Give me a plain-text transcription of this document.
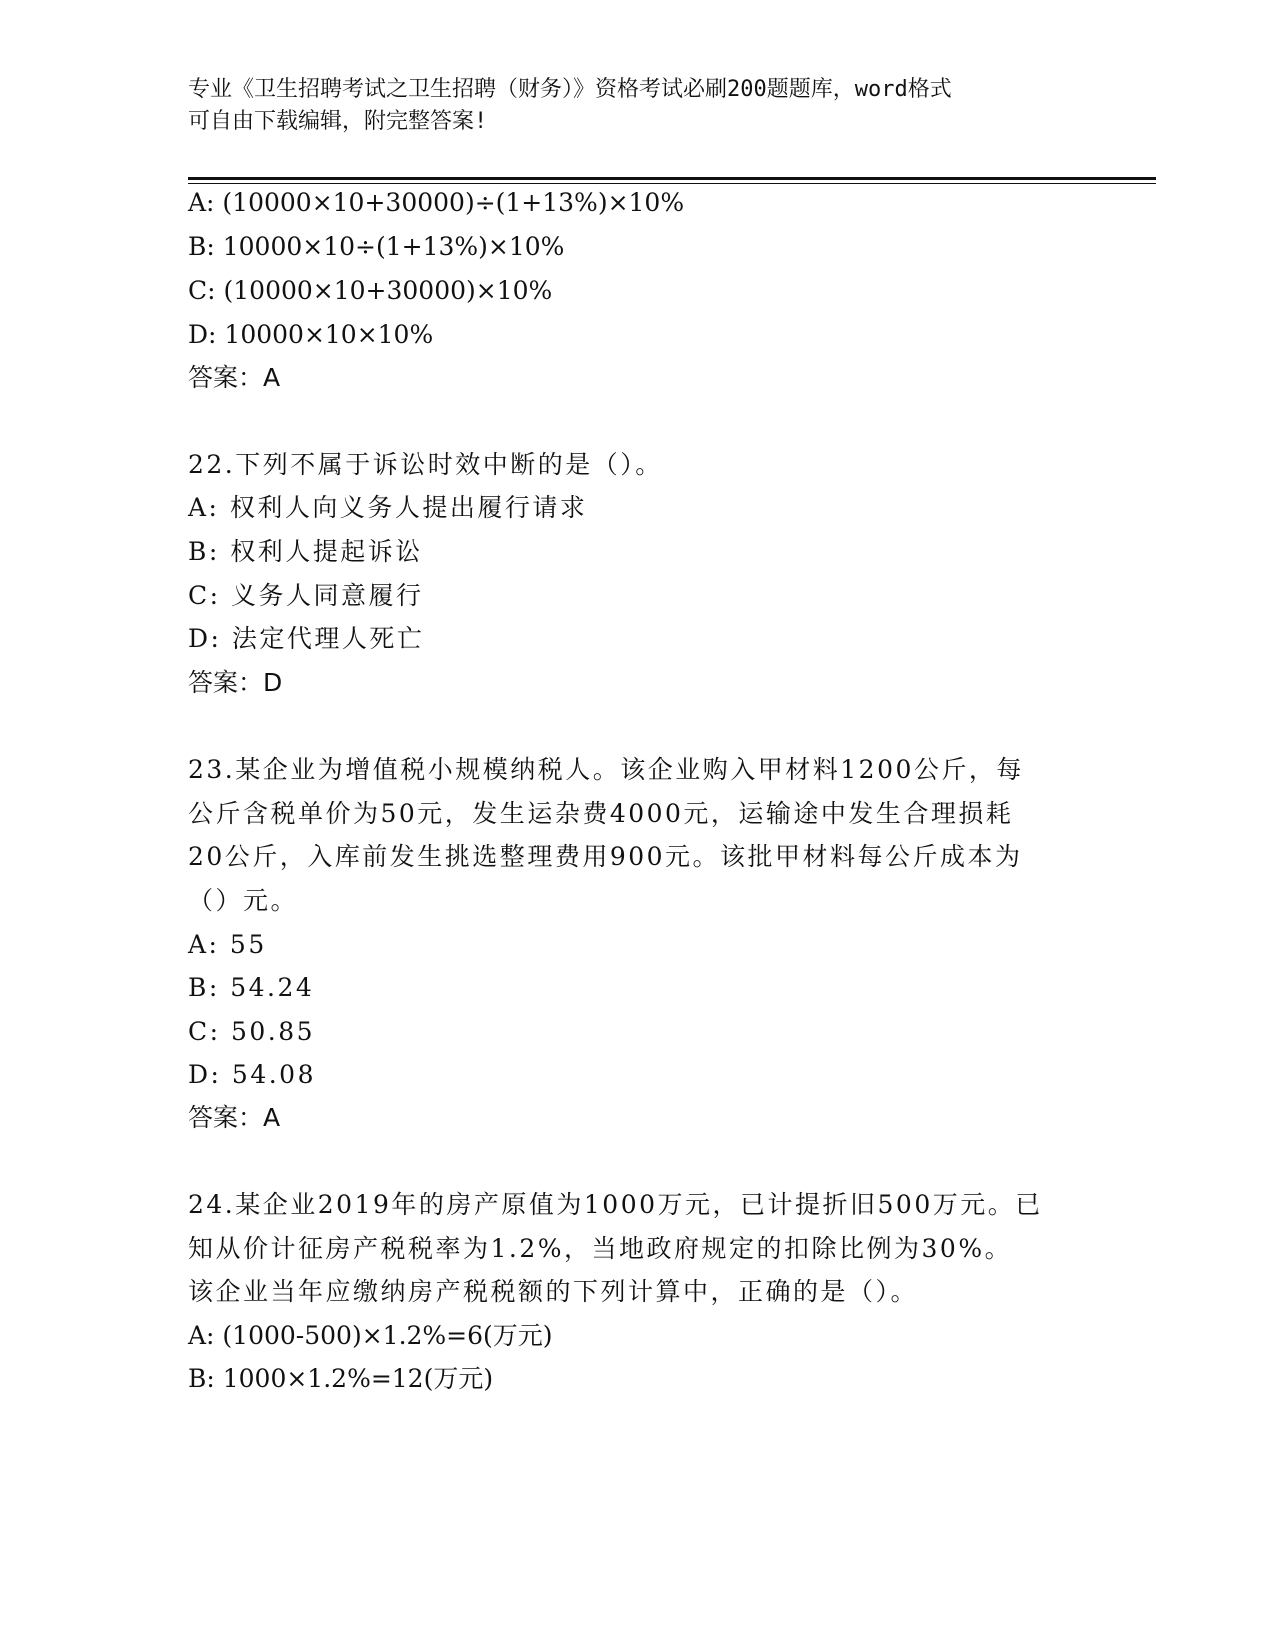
专业《卫生招聘考试之卫生招聘（财务）》资格考试必刷200题题库，word格式
可自由下载编辑，附完整答案!
A: (10000×10+30000)÷(1+13%)×10%
B: 10000×10÷(1+13%)×10%
C: (10000×10+30000)×10%
D: 10000×10×10%
答案：A
22.下列不属于诉讼时效中断的是（）。
A: 权利人向义务人提出履行请求
B: 权利人提起诉讼
C: 义务人同意履行
D: 法定代理人死亡
答案：D
23.某企业为增值税小规模纳税人。该企业购入甲材料1200公斤，每
公斤含税单价为50元，发生运杂费4000元，运输途中发生合理损耗
20公斤，入库前发生挑选整理费用900元。该批甲材料每公斤成本为
（）元。
A: 55
B: 54.24
C: 50.85
D: 54.08
答案：A
24.某企业2019年的房产原值为1000万元，已计提折旧500万元。已
知从价计征房产税税率为1.2%，当地政府规定的扣除比例为30%。
该企业当年应缴纳房产税税额的下列计算中，正确的是（）。
A: (1000-500)×1.2%=6(万元)
B: 1000×1.2%=12(万元)
